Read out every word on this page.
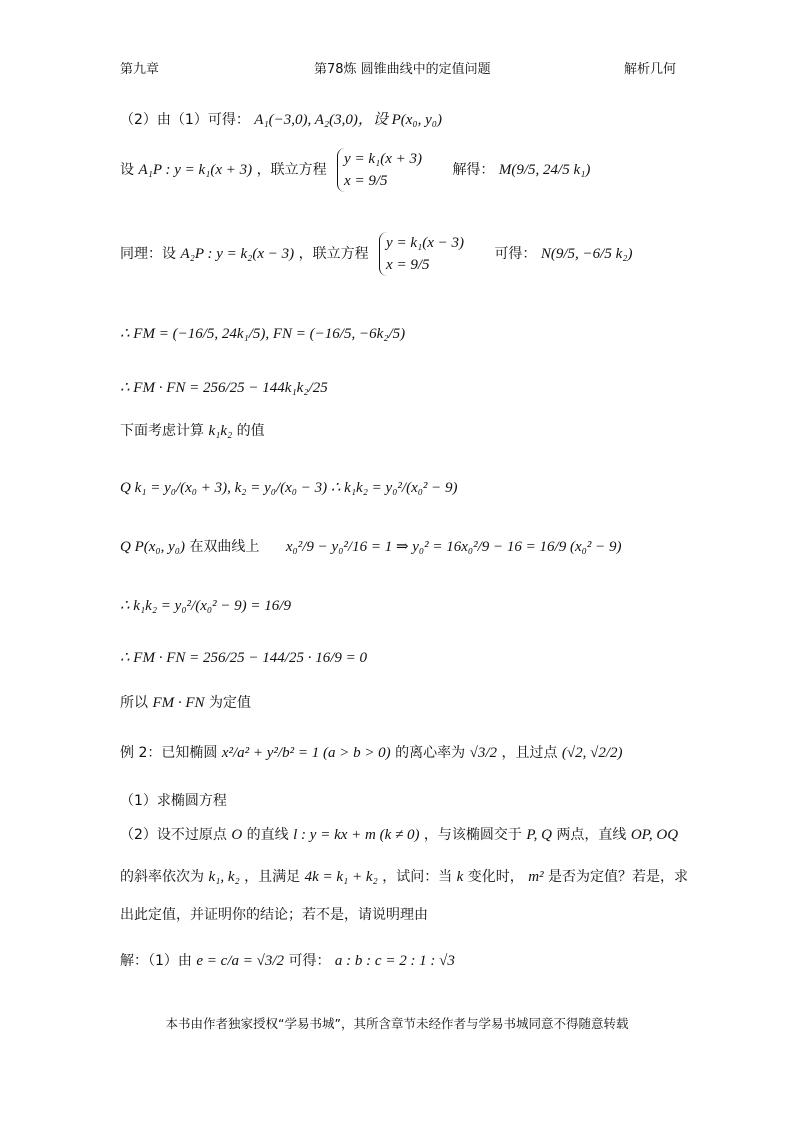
第九章	第78炼 圆锥曲线中的定值问题	解析几何
（2）由（1）可得： A₁(−3,0), A₂(3,0)，设 P(x₀, y₀)
设 A₁P : y = k₁(x + 3) ，联立方程
y = k₁(x + 3)
x = 9/5
解得： M(9/5, 24/5 k₁)
同理：设 A₂P : y = k₂(x − 3) ，联立方程
y = k₁(x − 3)
x = 9/5
可得： N(9/5, −6/5 k₂)
∴ FM = (−16/5, 24k₁/5), FN = (−16/5, −6k₂/5)
∴ FM · FN = 256/25 − 144k₁k₂/25
下面考虑计算 k₁k₂ 的值
Q k₁ = y₀/(x₀ + 3), k₂ = y₀/(x₀ − 3) ∴ k₁k₂ = y₀²/(x₀² − 9)
Q P(x₀, y₀) 在双曲线上 x₀²/9 − y₀²/16 = 1 ⇒ y₀² = 16x₀²/9 − 16 = 16/9 (x₀² − 9)
∴ k₁k₂ = y₀²/(x₀² − 9) = 16/9
∴ FM · FN = 256/25 − 144/25 · 16/9 = 0
所以 FM · FN 为定值
例 2：已知椭圆 x²/a² + y²/b² = 1 (a > b > 0) 的离心率为 √3/2 ，且过点 (√2, √2/2)
（1）求椭圆方程
（2）设不过原点 O 的直线 l : y = kx + m (k ≠ 0) ，与该椭圆交于 P, Q 两点，直线 OP, OQ
的斜率依次为 k₁, k₂ ，且满足 4k = k₁ + k₂ ，试问：当 k 变化时， m² 是否为定值？若是，求
出此定值，并证明你的结论；若不是，请说明理由
解：（1）由 e = c/a = √3/2 可得： a : b : c = 2 : 1 : √3
本书由作者独家授权“学易书城”，其所含章节未经作者与学易书城同意不得随意转载
